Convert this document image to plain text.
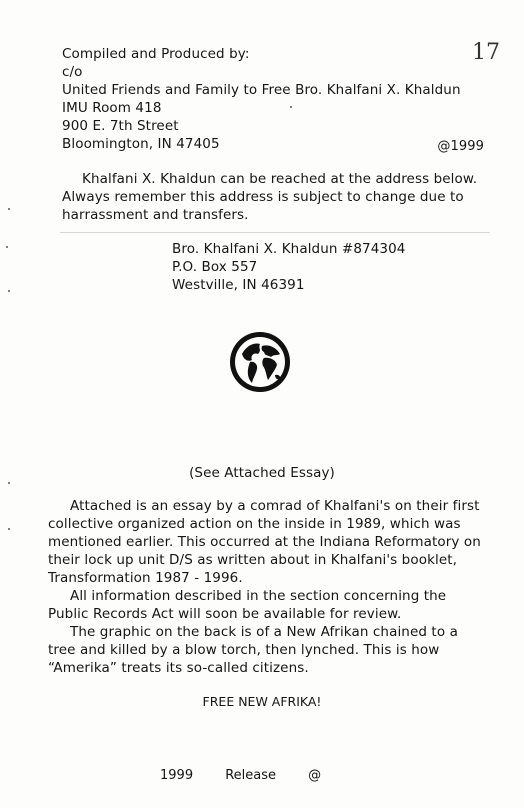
17
Compiled and Produced by:
c/o
United Friends and Family to Free Bro. Khalfani X. Khaldun
IMU Room 418
900 E. 7th Street
Bloomington, IN 47405	@1999
Khalfani X. Khaldun can be reached at the address below. Always remember this address is subject to change due to harrassment and transfers.
Bro. Khalfani X. Khaldun #874304
P.O. Box 557
Westville, IN 46391
(See Attached Essay)
Attached is an essay by a comrad of Khalfani's on their first collective organized action on the inside in 1989, which was mentioned earlier. This occurred at the Indiana Reformatory on their lock up unit D/S as written about in Khalfani's booklet, Transformation 1987 - 1996.
All information described in the section concerning the Public Records Act will soon be available for review.
The graphic on the back is of a New Afrikan chained to a tree and killed by a blow torch, then lynched. This is how “Amerika” treats its so-called citizens.
FREE NEW AFRIKA!
1999 Release @
